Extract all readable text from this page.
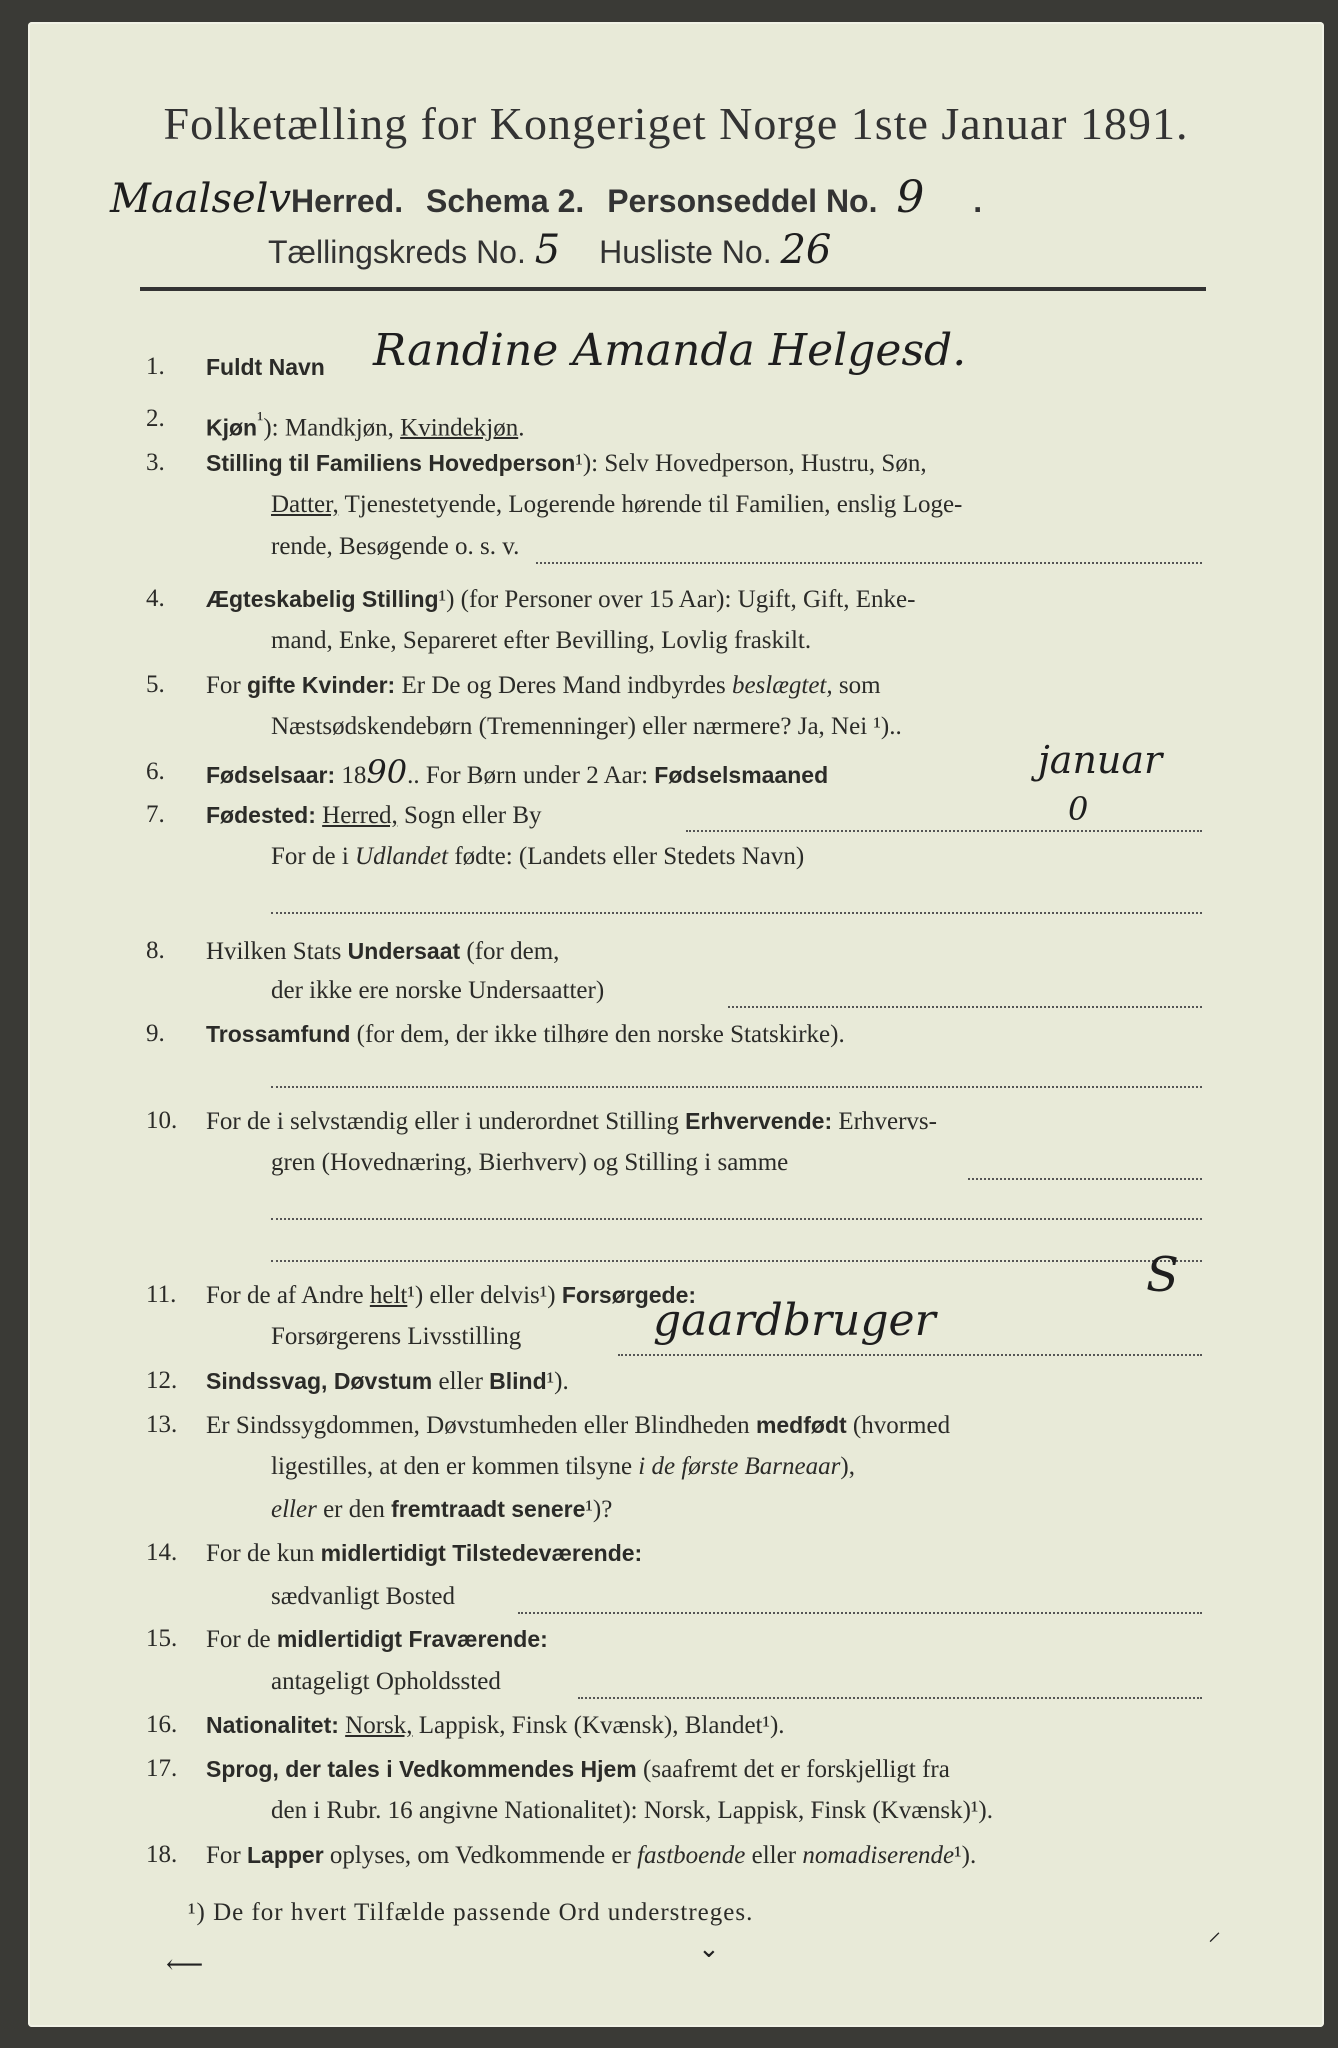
Folketælling for Kongeriget Norge 1ste Januar 1891.
MaalselvHerred. Schema 2. Personseddel No. 9 .
Tællingskreds No. 5 Husliste No. 26
1.	Fuldt Navn Randine Amanda Helgesd.
2.	Kjøn$^{^1}$): Mandkjøn, Kvindekjøn.
3.	Stilling til Familiens Hovedperson¹): Selv Hovedperson, Hustru, Søn,
Datter, Tjenestetyende, Logerende hørende til Familien, enslig Loge-
rende, Besøgende o. s. v.
4.	Ægteskabelig Stilling¹) (for Personer over 15 Aar): Ugift, Gift, Enke-
mand, Enke, Separeret efter Bevilling, Lovlig fraskilt.
5.	For gifte Kvinder: Er De og Deres Mand indbyrdes beslægtet, som
Næstsødskendebørn (Tremenninger) eller nærmere? Ja, Nei ¹)..
6.	Fødselsaar: 1890.. For Børn under 2 Aar: Fødselsmaaned	januar
7.	Fødested: Herred, Sogn eller By	0
For de i Udlandet fødte: (Landets eller Stedets Navn)
8.	Hvilken Stats Undersaat (for dem,
der ikke ere norske Undersaatter)
9.	Trossamfund (for dem, der ikke tilhøre den norske Statskirke).
10.	For de i selvstændig eller i underordnet Stilling Erhvervende: Erhvervs-
gren (Hovednæring, Bierhverv) og Stilling i samme
11.	For de af Andre helt¹) eller delvis¹) Forsørgede:	S
Forsørgerens Livsstilling	gaardbruger
12.	Sindssvag, Døvstum eller Blind¹).
13.	Er Sindssygdommen, Døvstumheden eller Blindheden medfødt (hvormed
ligestilles, at den er kommen tilsyne i de første Barneaar),
eller er den fremtraadt senere¹)?
14.	For de kun midlertidigt Tilstedeværende:
sædvanligt Bosted
15.	For de midlertidigt Fraværende:
antageligt Opholdssted
16.	Nationalitet: Norsk, Lappisk, Finsk (Kvænsk), Blandet¹).
17.	Sprog, der tales i Vedkommendes Hjem (saafremt det er forskjelligt fra
den i Rubr. 16 angivne Nationalitet): Norsk, Lappisk, Finsk (Kvænsk)¹).
18.	For Lapper oplyses, om Vedkommende er fastboende eller nomadiserende¹).
¹) De for hvert Tilfælde passende Ord understreges.
⟵
⌄
⸝
